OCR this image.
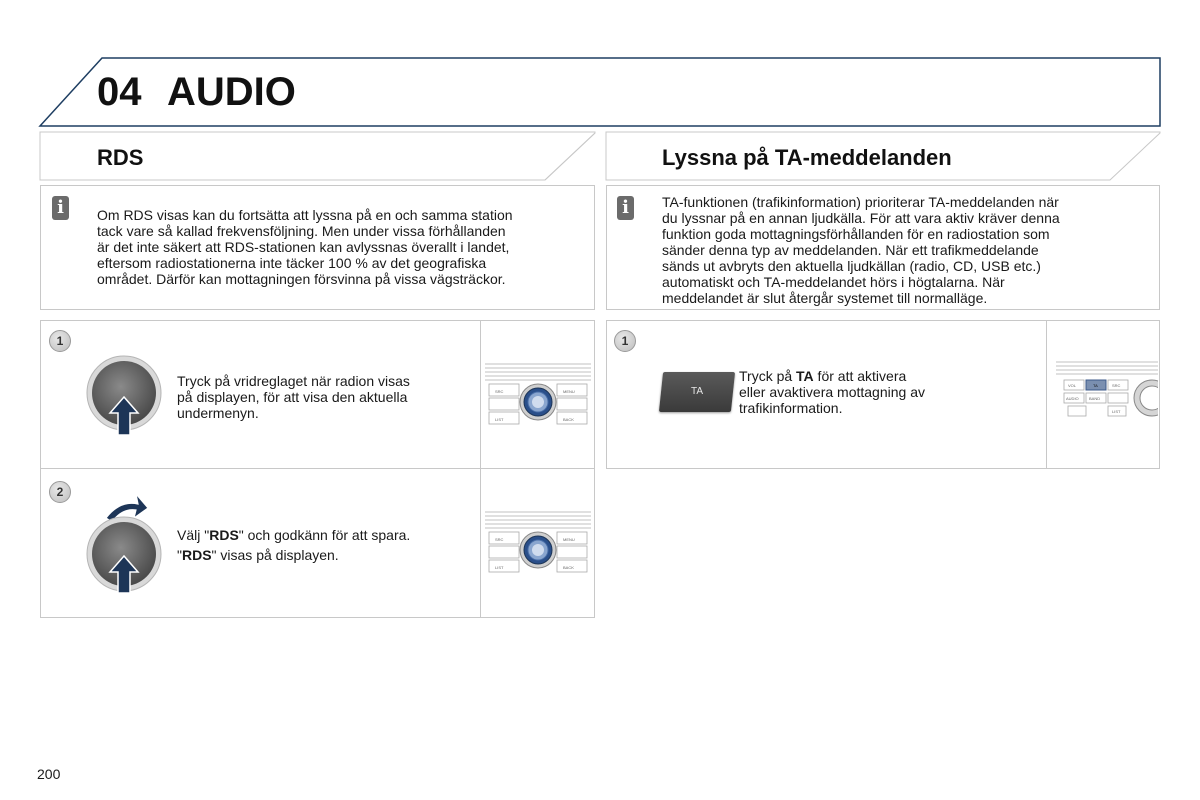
04 AUDIO
RDS	Lyssna på TA-meddelanden
i	Om RDS visas kan du fortsätta att lyssna på en och samma station
tack vare så kallad frekvensföljning. Men under vissa förhållanden
är det inte säkert att RDS-stationen kan avlyssnas överallt i landet,
eftersom radiostationerna inte täcker 100 % av det geografiska
området. Därför kan mottagningen försvinna på vissa vägsträckor.
i	TA-funktionen (trafikinformation) prioriterar TA-meddelanden när
du lyssnar på en annan ljudkälla. För att vara aktiv kräver denna
funktion goda mottagningsförhållanden för en radiostation som
sänder denna typ av meddelanden. När ett trafikmeddelande
sänds ut avbryts den aktuella ljudkällan (radio, CD, USB etc.)
automatiskt och TA-meddelandet hörs i högtalarna. När
meddelandet är slut återgår systemet till normalläge.
1
Tryck på vridreglaget när radion visas
på displayen, för att visa den aktuella
undermenyn.
SRC	MENU
LIST	BACK
2
Välj "RDS" och godkänn för att spara.
"RDS" visas på displayen.
SRC	MENU
LIST	BACK
1
TA
Tryck på TA för att aktivera
eller avaktivera mottagning av
trafikinformation.
VOL	TA	SRC
AUDIO	BAND
LIST
200
